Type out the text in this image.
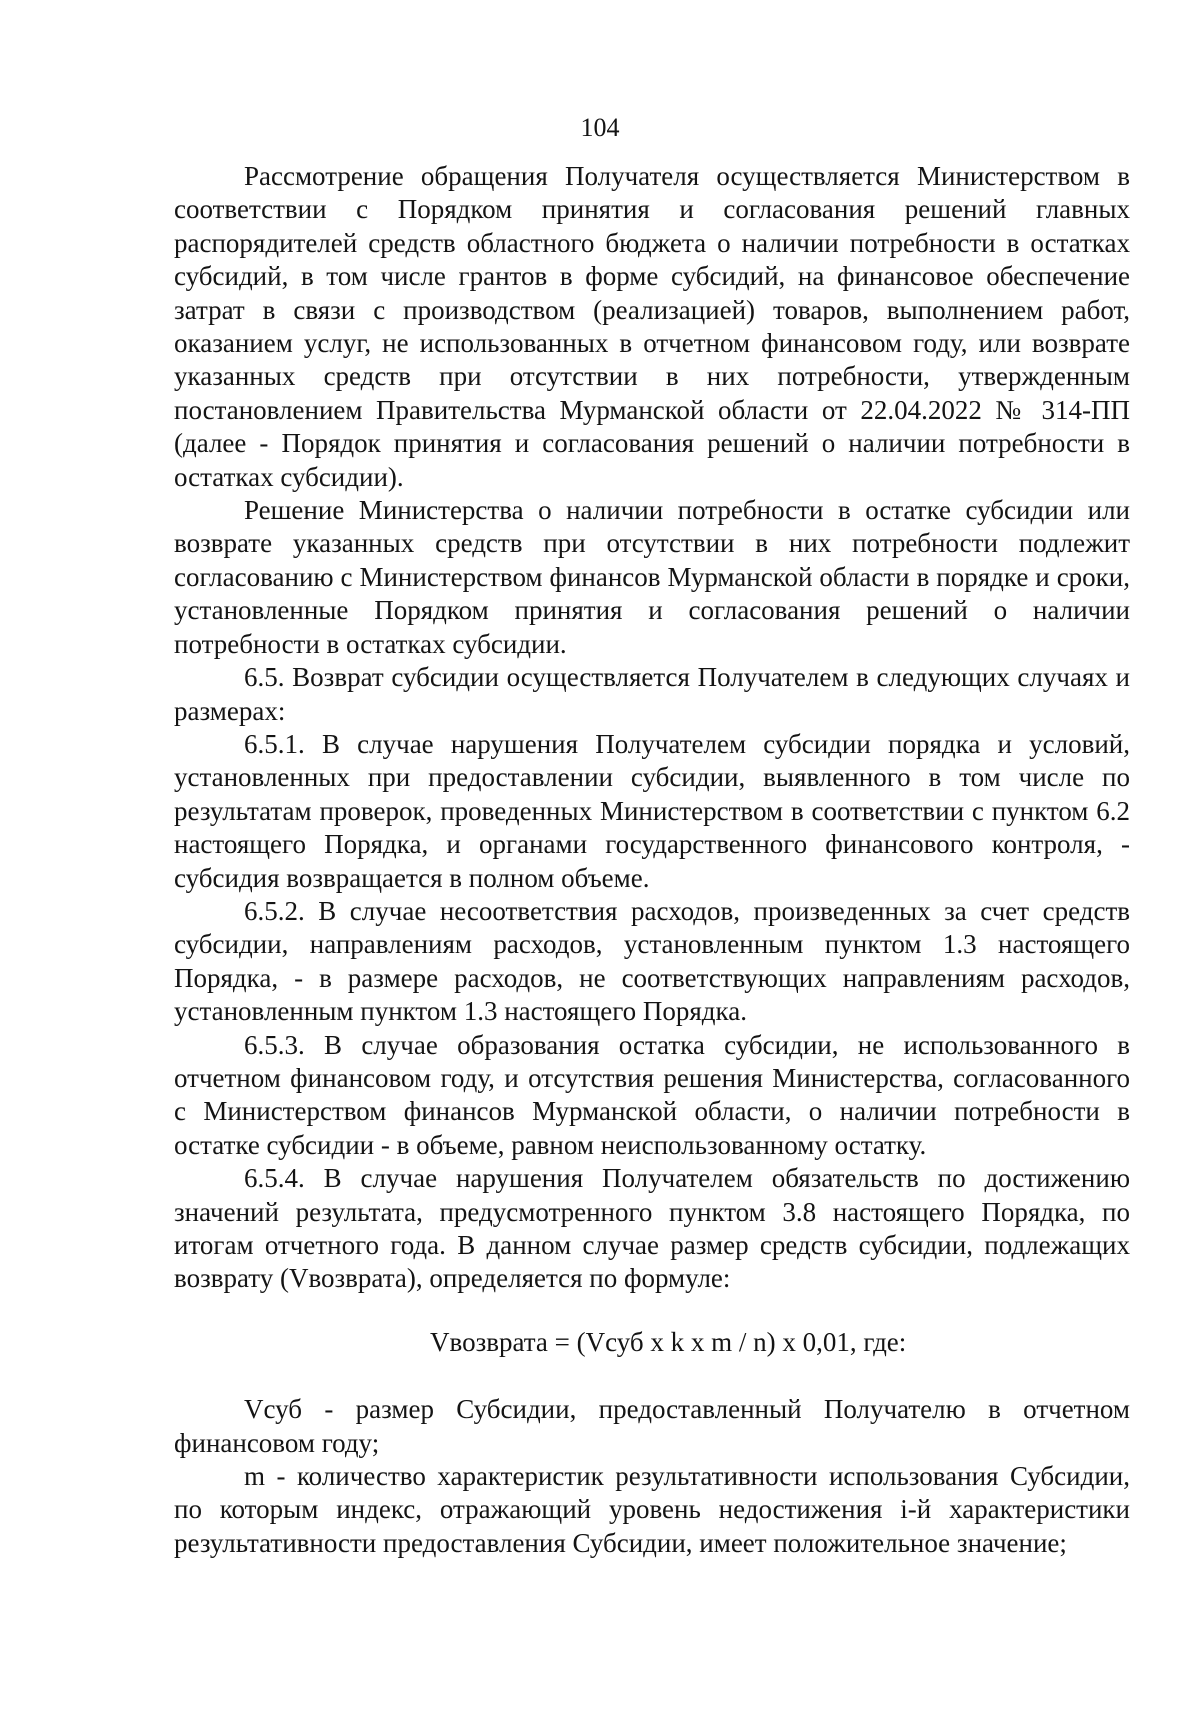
104

Рассмотрение обращения Получателя осуществляется Министерством в соответствии с Порядком принятия и согласования решений главных распорядителей средств областного бюджета о наличии потребности в остатках субсидий, в том числе грантов в форме субсидий, на финансовое обеспечение затрат в связи с производством (реализацией) товаров, выполнением работ, оказанием услуг, не использованных в отчетном финансовом году, или возврате указанных средств при отсутствии в них потребности, утвержденным постановлением Правительства Мурманской области от 22.04.2022 № 314-ПП (далее - Порядок принятия и согласования решений о наличии потребности в остатках субсидии).

Решение Министерства о наличии потребности в остатке субсидии или возврате указанных средств при отсутствии в них потребности подлежит согласованию с Министерством финансов Мурманской области в порядке и сроки, установленные Порядком принятия и согласования решений о наличии потребности в остатках субсидии.

6.5. Возврат субсидии осуществляется Получателем в следующих случаях и размерах:

6.5.1. В случае нарушения Получателем субсидии порядка и условий, установленных при предоставлении субсидии, выявленного в том числе по результатам проверок, проведенных Министерством в соответствии с пунктом 6.2 настоящего Порядка, и органами государственного финансового контроля, - субсидия возвращается в полном объеме.

6.5.2. В случае несоответствия расходов, произведенных за счет средств субсидии, направлениям расходов, установленным пунктом 1.3 настоящего Порядка, - в размере расходов, не соответствующих направлениям расходов, установленным пунктом 1.3 настоящего Порядка.

6.5.3. В случае образования остатка субсидии, не использованного в отчетном финансовом году, и отсутствия решения Министерства, согласованного с Министерством финансов Мурманской области, о наличии потребности в остатке субсидии - в объеме, равном неиспользованному остатку.

6.5.4. В случае нарушения Получателем обязательств по достижению значений результата, предусмотренного пунктом 3.8 настоящего Порядка, по итогам отчетного года. В данном случае размер средств субсидии, подлежащих возврату (Vвозврата), определяется по формуле:

Vвозврата = (Vсуб x k x m / n) x 0,01, где:

Vсуб - размер Субсидии, предоставленный Получателю в отчетном финансовом году;

m - количество характеристик результативности использования Субсидии, по которым индекс, отражающий уровень недостижения i-й характеристики результативности предоставления Субсидии, имеет положительное значение;
